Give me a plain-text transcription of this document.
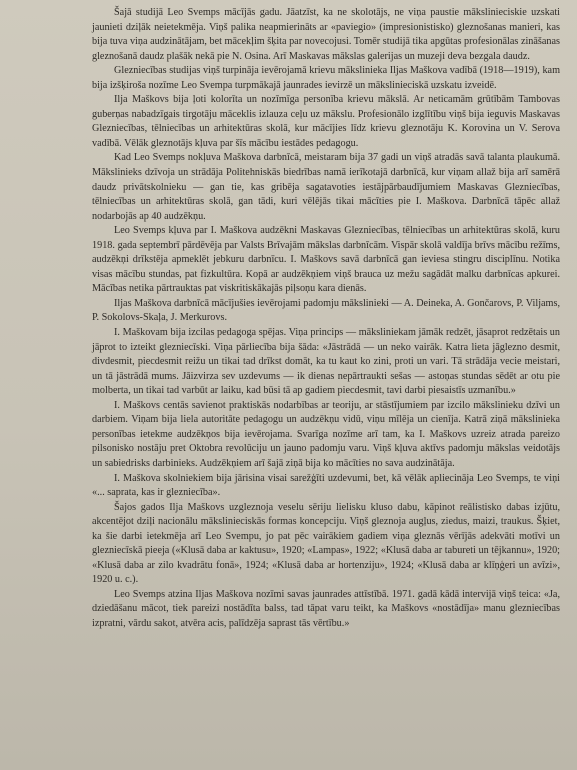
Šajā studijā Leo Svemps mācījās gadu. Jāatzīst, ka ne skolotājs, ne viņa paustie mākslinieciskie uzskati jaunieti dziļāk neietekmēja. Viņš palika neapmierināts ar «paviegio» (impresionistisko) gleznošanas manieri, kas bija tuva viņa audzinātājam, bet mācekļim šķita par novecojusi. Tomēr studijā tika apgūtas profesionālas zināšanas gleznošanā daudz plašāk nekā pie N. Osina. Arī Maskavas mākslas galerijas un muzeji deva bezgala daudz.

Glezniecības studijas viņš turpināja ievērojamā krievu mākslinieka Iljas Maškova vadībā (1918—1919), kam bija izšķiroša nozīme Leo Svempa turpmākajā jaunrades ievirzē un mākslinieciskā uzskatu izveidē.

Ilja Maškovs bija ļoti kolorīta un nozīmīga personība krievu mākslā. Ar neticamām grūtībām Tambovas guberņas nabadzīgais tirgotāju māceklis izlauza ceļu uz mākslu. Profesionālo izglītību viņš bija ieguvis Maskavas Glezniecības, tēlniecības un arhitektūras skolā, kur mācījies līdz krievu gleznotāju K. Korovina un V. Serova vadībā. Vēlāk gleznotājs kļuva par šīs mācību iestādes pedagogu.

Kad Leo Svemps nokļuva Maškova darbnīcā, meistaram bija 37 gadi un viņš atradās savā talanta plaukumā. Mākslinieks dzīvoja un strādāja Politehniskās biedrības namā ierīkotajā darbnīcā, kur viņam allaž bija arī samērā daudz privātskolnieku — gan tie, kas gribēja sagatavoties iestājpārbaudījumiem Maskavas Glezniecības, tēlniecības un arhitektūras skolā, gan tādi, kuri vēlējās tikai mācīties pie I. Maškova. Darbnīcā tāpēc allaž nodarbojās ap 40 audzēkņu.

Leo Svemps kļuva par I. Maškova audzēkni Maskavas Glezniecības, tēlniecības un arhitektūras skolā, kuru 1918. gada septembrī pārdēvēja par Valsts Brīvajām mākslas darbnīcām. Vispār skolā valdīja brīvs mācību režīms, audzēkņi drīkstēja apmeklēt jebkuru darbnīcu. I. Maškovs savā darbnīcā gan ieviesa stingru disciplīnu. Notika visas mācību stundas, pat fizkultūra. Kopā ar audzēkņiem viņš brauca uz mežu sagādāt malku darbnīcas apkurei. Mācības netika pārtrauktas pat viskritiskākajās piļsoņu kara dienās.

Iljas Maškova darbnīcā mācījušies ievērojami padomju mākslinieki — A. Deineka, A. Gončarovs, P. Viljams, P. Sokolovs-Skaļa, J. Merkurovs.

I. Maškovam bija izcilas pedagoga spējas. Viņa princips — māksliniekam jāmāk redzēt, jāsaprot redzētais un jāprot to izteikt glezniecīski. Viņa pārliecība bija šāda: «Jāstrādā — un neko vairāk. Katra lieta jāglezno desmit, divdesmit, piecdesmit reižu un tikai tad drīkst domāt, ka tu kaut ko zini, proti un vari. Tā strādāja vecie meistari, un tā jāstrādā mums. Jāizvirza sev uzdevums — ik dienas nepārtraukti sešas — astoņas stundas sēdēt ar otu pie molberta, un tikai tad varbūt ar laiku, kad būsi tā ap gadiem piecdesmit, tavi darbi piesaistīs uzmanību.»

I. Maškovs centās savienot praktiskās nodarbības ar teoriju, ar stāstījumiem par izcilo mākslinieku dzīvi un darbiem. Viņam bija liela autoritāte pedagogu un audzēkņu vidū, viņu mīlēja un cienīja. Katrā ziņā mākslinieka personības ietekme audzēkņos bija ievērojama. Svarīga nozīme arī tam, ka I. Maškovs uzreiz atrada pareizo pilsonisko nostāju pret Oktobra revolūciju un jauno padomju varu. Viņš kļuva aktīvs padomju mākslas veidotājs un sabiedrisks darbinieks. Audzēkņiem arī šajā ziņā bija ko mācīties no sava audzinātāja.

I. Maškova skolniekiem bija jārisina visai sarežģīti uzdevumi, bet, kā vēlāk apliecināja Leo Svemps, te viņi «... saprata, kas ir glezniecība».

Šajos gados Ilja Maškovs uzgleznoja veselu sēriju lielisku kluso dabu, kāpinot reālistisko dabas izjūtu, akcentējot dziļi nacionālu mākslinieciskās formas koncepciju. Viņš gleznoja augļus, ziedus, maizi, traukus. Šķiet, ka šie darbi ietekmēja arī Leo Svempu, jo pat pēc vairākiem gadiem viņa gleznās vērījās adekvāti motīvi un glezniecīskā pieeja («Klusā daba ar kaktusu», 1920; «Lampas», 1922; «Klusā daba ar tabureti un tējkannu», 1920; «Klusā daba ar zilo kvadrātu fonā», 1924; «Klusā daba ar hortenziju», 1924; «Klusā daba ar klīņģeri un avīzi», 1920 u. c.).

Leo Svemps atzina Iljas Maškova nozīmi savas jaunrades attīstībā. 1971. gadā kādā intervijā viņš teica: «Ja, dziedāšanu mācot, tiek pareizi nostādīta balss, tad tāpat varu teikt, ka Maškovs «nostādīja» manu glezniecības izpratni, vārdu sakot, atvēra acis, palīdzēja saprast tās vērtību.»
